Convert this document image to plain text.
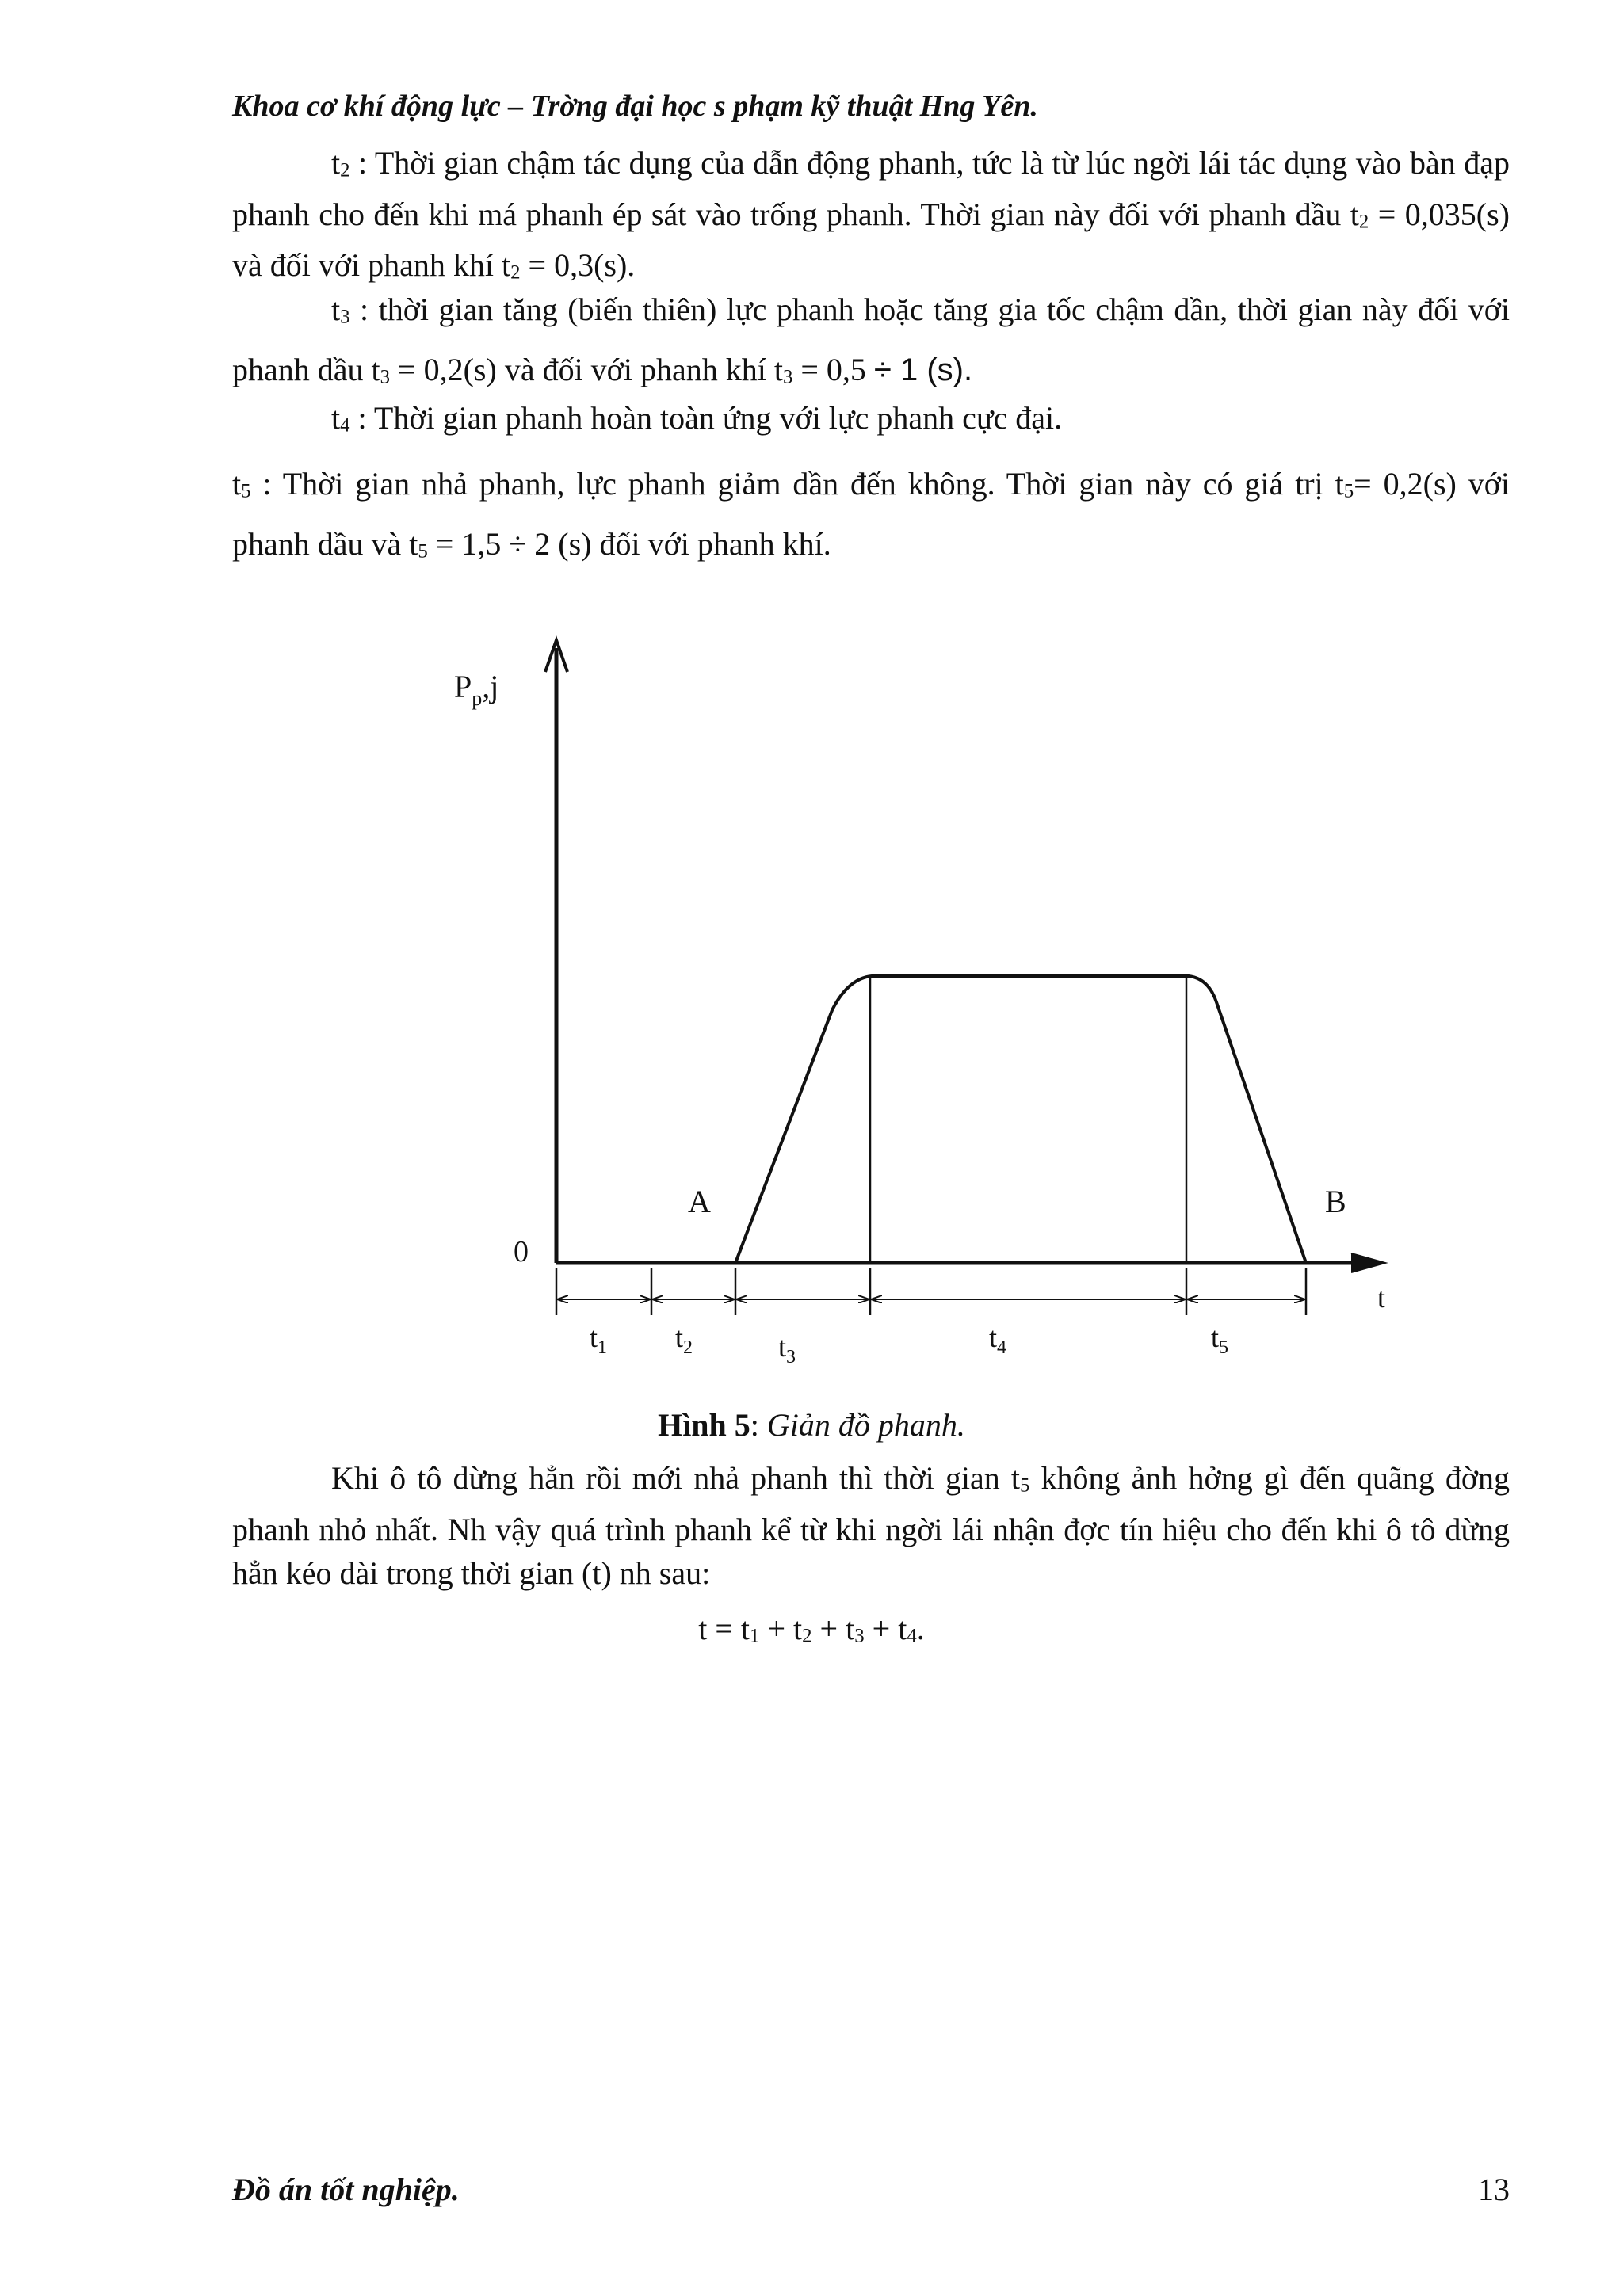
Khoa cơ khí động lực – Trờng đại học s phạm kỹ thuật Hng Yên.

t2 : Thời gian chậm tác dụng của dẫn động phanh, tức là từ lúc ngời lái tác dụng vào bàn đạp phanh cho đến khi má phanh ép sát vào trống phanh. Thời gian này đối với phanh dầu t2 = 0,035(s) và đối với phanh khí t2 = 0,3(s).

t3 : thời gian tăng (biến thiên) lực phanh hoặc tăng gia tốc chậm dần, thời gian này đối với phanh dầu t3 = 0,2(s) và đối với phanh khí t3 = 0,5 ÷ 1 (s).

t4 : Thời gian phanh hoàn toàn ứng với lực phanh cực đại.

t5 : Thời gian nhả phanh, lực phanh giảm dần đến không. Thời gian này có giá trị t5= 0,2(s) với phanh dầu và t5 = 1,5 ÷ 2 (s) đối với phanh khí.

$P_p,j$
0
t
A	B
$t_1$ $t_2$	$t_3$
$t_4$	$t_5$
Hình 5: Giản đồ phanh.

Khi ô tô dừng hẳn rồi mới nhả phanh thì thời gian t5 không ảnh hởng gì đến quãng đờng phanh nhỏ nhất. Nh vậy quá trình phanh kể từ khi ngời lái nhận đợc tín hiệu cho đến khi ô tô dừng hẳn kéo dài trong thời gian (t) nh sau:

t = t1 + t2 + t3 + t4.
Đồ án tốt nghiệp.	13
